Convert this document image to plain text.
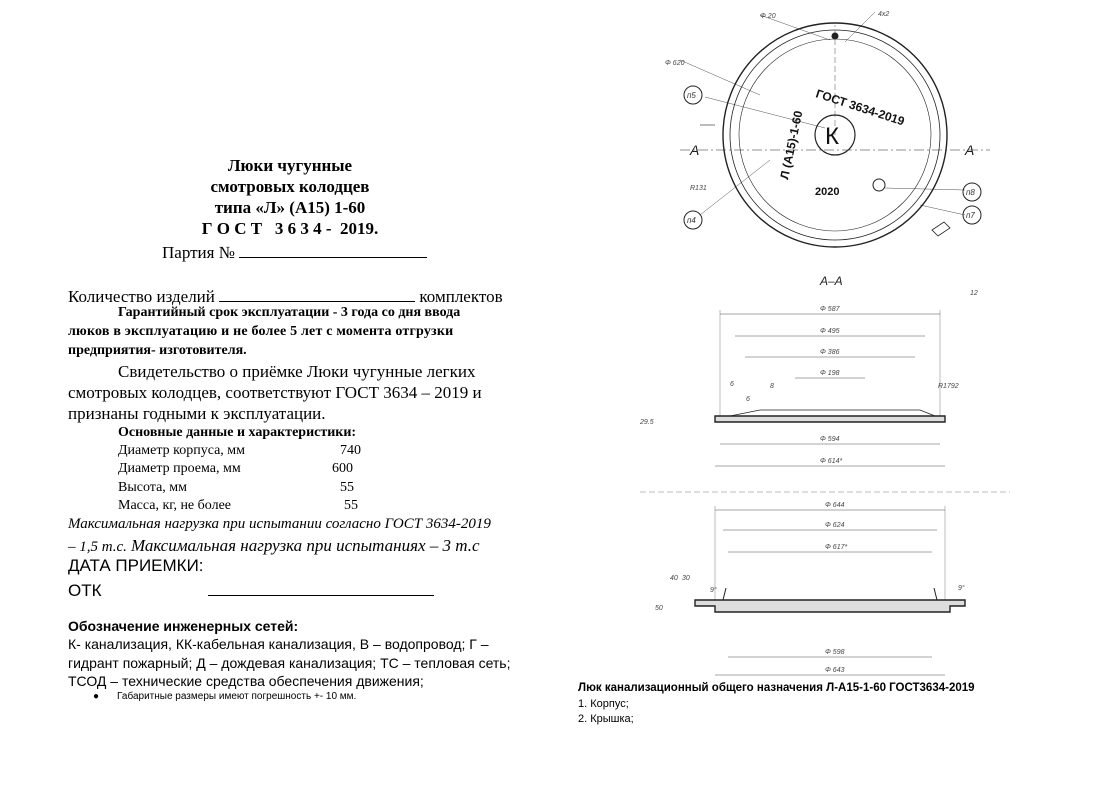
Люки чугунные
смотровых колодцев
типа «Л» (А15) 1-60
Г О С Т   3 6 3 4 -  2019.
Партия №
Количество изделий	комплектов
Гарантийный срок эксплуатации - 3 года со дня ввода
люков в эксплуатацию и не более 5 лет с момента отгрузки
предприятия- изготовителя.
Свидетельство о приёмке Люки чугунные легких
смотровых колодцев, соответствуют ГОСТ 3634 – 2019 и
признаны годными к эксплуатации.
Основные данные и характеристики:
Диаметр корпуса, мм	740
Диаметр проема, мм	600
Высота, мм	55
Масса, кг, не более	55
Максимальная нагрузка при испытании согласно ГОСТ 3634-2019
– 1,5 т.с. Максимальная нагрузка при испытаниях – 3 т.с
ДАТА ПРИЕМКИ:
ОТК
Обозначение инженерных сетей:
К- канализация, КК-кабельная канализация, В – водопровод; Г –
гидрант пожарный; Д – дождевая канализация; ТС – тепловая сеть;
ТСОД – технические средства обеспечения движения;
● Габаритные размеры имеют погрешность +- 10 мм.
К
Л (А15)-1-60
ГОСТ 3634-2019
2020
п5
п4
п8
п7
Φ 20
Φ 620
R131
4x2
А	А
А–А
Φ 587
Φ 495
Φ 386
Φ 198
6	8
6
R1792
Φ 594
Φ 614*
29.5
12
Φ 644
Φ 624
Φ 617*
Φ 598
Φ 643
40 30
50
9°	9°
Люк канализационный общего назначения Л-А15-1-60 ГОСТ3634-2019
1. Корпус;
2. Крышка;
